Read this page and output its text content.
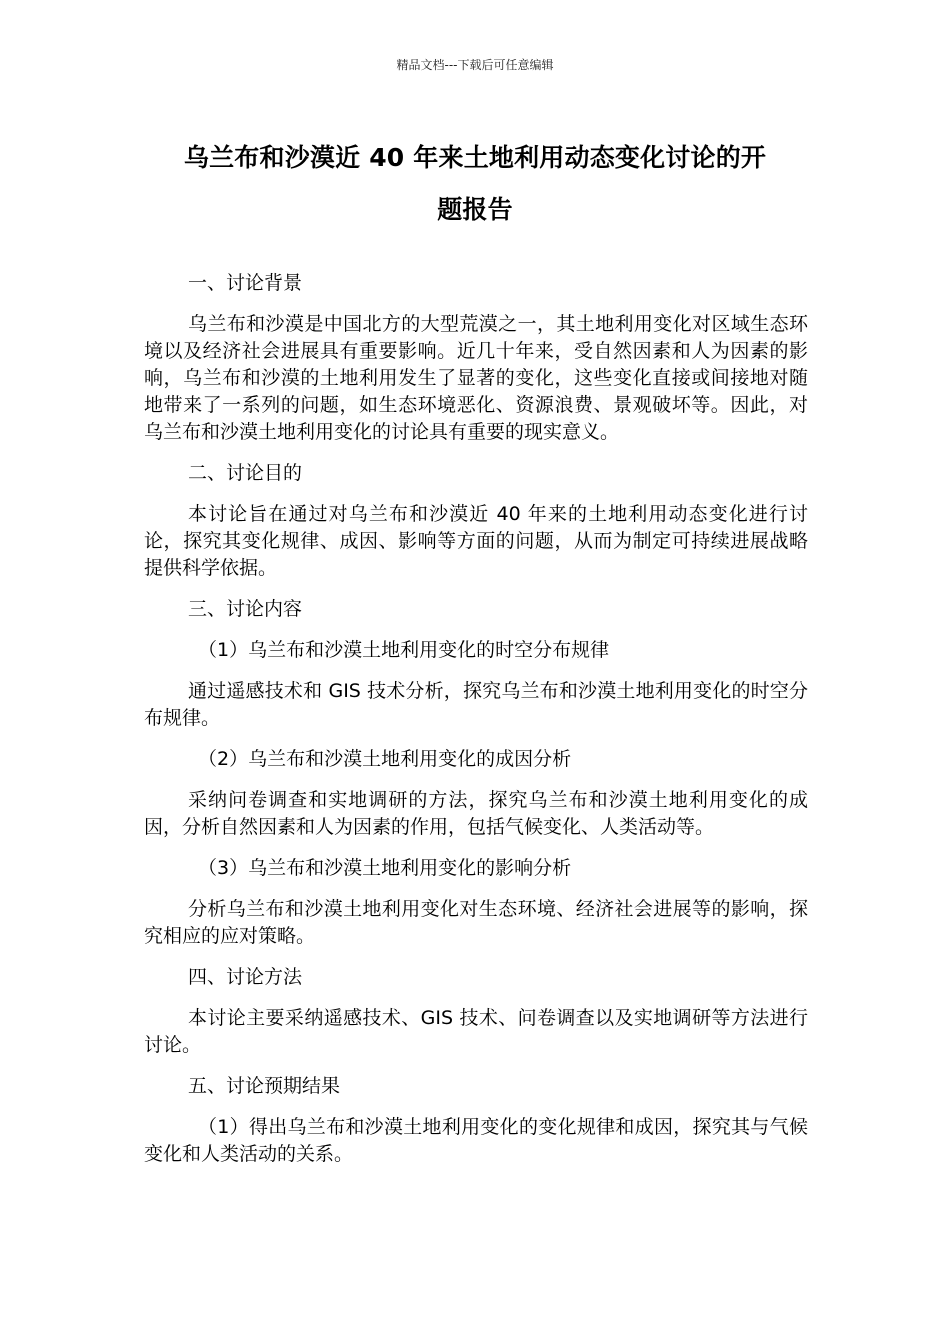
精品文档---下载后可任意编辑
乌兰布和沙漠近 40 年来土地利用动态变化讨论的开
题报告

一、讨论背景

乌兰布和沙漠是中国北方的大型荒漠之一，其土地利用变化对区域生态环境以及经济社会进展具有重要影响。近几十年来，受自然因素和人为因素的影响，乌兰布和沙漠的土地利用发生了显著的变化，这些变化直接或间接地对随地带来了一系列的问题，如生态环境恶化、资源浪费、景观破坏等。因此，对乌兰布和沙漠土地利用变化的讨论具有重要的现实意义。

二、讨论目的

本讨论旨在通过对乌兰布和沙漠近 40 年来的土地利用动态变化进行讨论，探究其变化规律、成因、影响等方面的问题，从而为制定可持续进展战略提供科学依据。

三、讨论内容

（1）乌兰布和沙漠土地利用变化的时空分布规律

通过遥感技术和 GIS 技术分析，探究乌兰布和沙漠土地利用变化的时空分布规律。

（2）乌兰布和沙漠土地利用变化的成因分析

采纳问卷调查和实地调研的方法，探究乌兰布和沙漠土地利用变化的成因，分析自然因素和人为因素的作用，包括气候变化、人类活动等。

（3）乌兰布和沙漠土地利用变化的影响分析

分析乌兰布和沙漠土地利用变化对生态环境、经济社会进展等的影响，探究相应的应对策略。

四、讨论方法

本讨论主要采纳遥感技术、GIS 技术、问卷调查以及实地调研等方法进行讨论。

五、讨论预期结果

（1）得出乌兰布和沙漠土地利用变化的变化规律和成因，探究其与气候变化和人类活动的关系。
